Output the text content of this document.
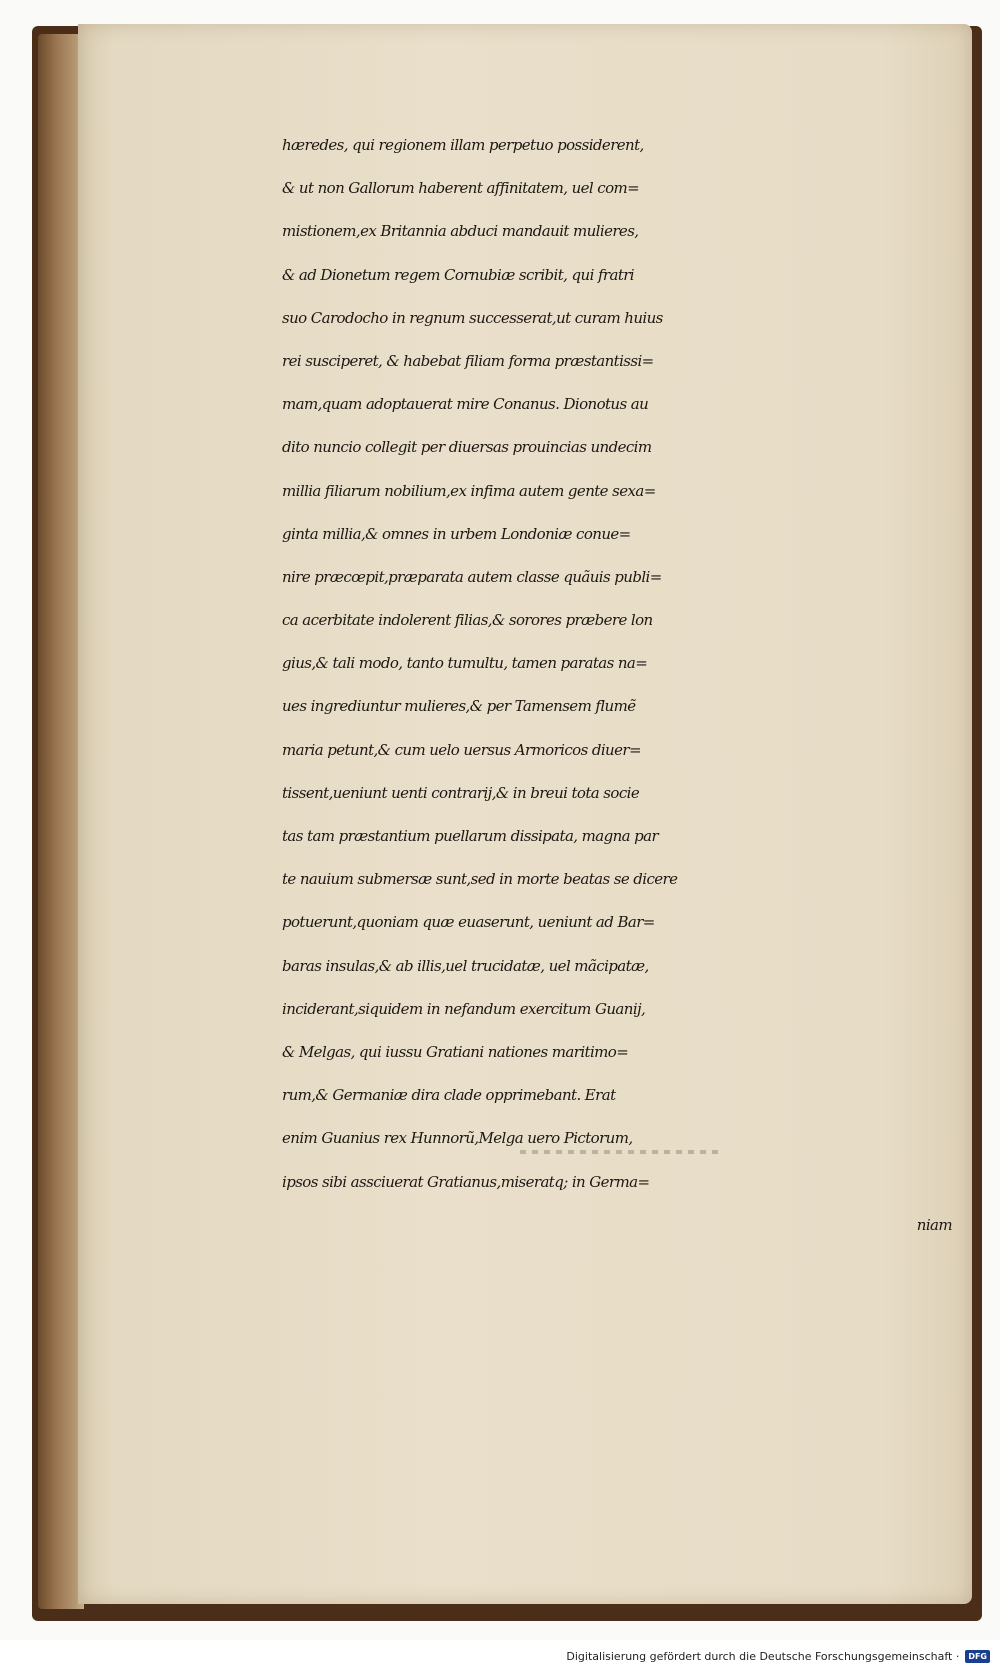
hæredes, qui regionem illam perpetuo possiderent,
& ut non Gallorum haberent affinitatem, uel com=
mistionem,ex Britannia abduci mandauit mulieres,
& ad Dionetum regem Cornubiæ scribit, qui fratri
suo Carodocho in regnum successerat,ut curam huius
rei susciperet, & habebat filiam forma præstantissi=
mam,quam adoptauerat mire Conanus. Dionotus au
dito nuncio collegit per diuersas prouincias undecim
millia filiarum nobilium,ex infima autem gente sexa=
ginta millia,& omnes in urbem Londoniæ conue=
nire præcœpit,præparata autem classe quãuis publi=
ca acerbitate indolerent filias,& sorores præbere lon
gius,& tali modo, tanto tumultu, tamen paratas na=
ues ingrediuntur mulieres,& per Tamensem flumẽ
maria petunt,& cum uelo uersus Armoricos diuer=
tissent,ueniunt uenti contrarij,& in breui tota socie
tas tam præstantium puellarum dissipata, magna par
te nauium submersæ sunt,sed in morte beatas se dicere
potuerunt,quoniam quæ euaserunt, ueniunt ad Bar=
baras insulas,& ab illis,uel trucidatæ, uel mãcipatæ,
inciderant,siquidem in nefandum exercitum Guanij,
& Melgas, qui iussu Gratiani nationes maritimo=
rum,& Germaniæ dira clade opprimebant. Erat
enim Guanius rex Hunnorũ,Melga uero Pictorum,
ipsos sibi assciuerat Gratianus,miseratq; in Germa=
niam
Digitalisierung gefördert durch die Deutsche Forschungsgemeinschaft ·	DFG
